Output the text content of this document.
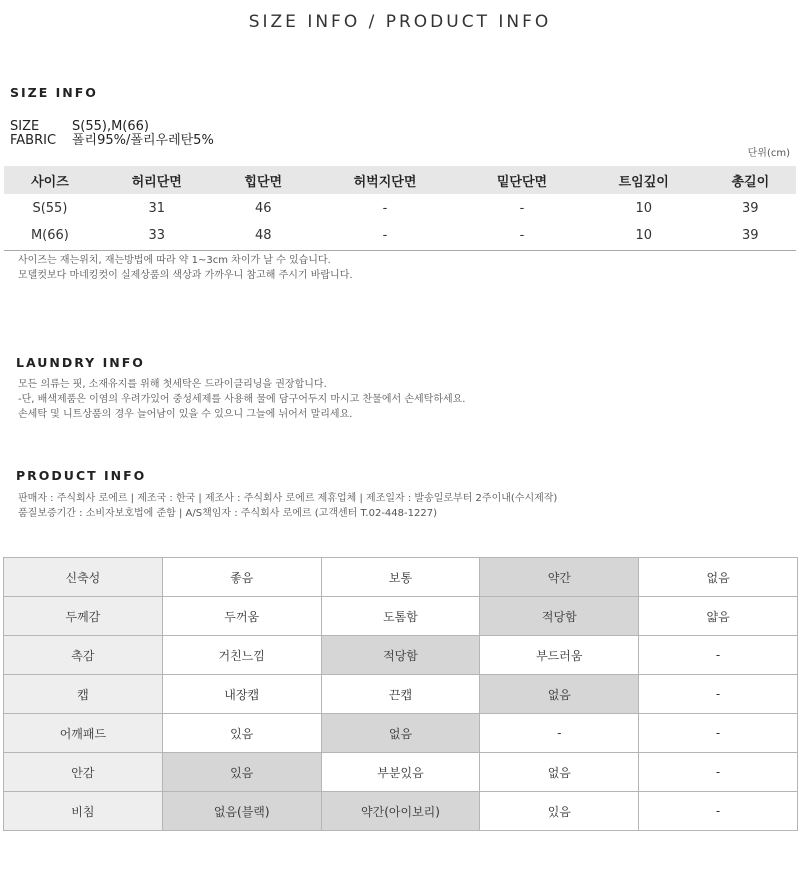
SIZE INFO / PRODUCT INFO
SIZE INFO
SIZE	S(55),M(66)
FABRIC 폴리95%/폴리우레탄5%
단위(cm)
사이즈	허리단면	힙단면	허벅지단면	밑단단면	트임깊이	총길이
S(55)	31	46	-	-	10	39
M(66)	33	48	-	-	10	39
사이즈는 재는위치, 재는방법에 따라 약 1~3cm 차이가 날 수 있습니다.
모델컷보다 마네킹컷이 실제상품의 색상과 가까우니 참고해 주시기 바랍니다.
LAUNDRY INFO
모든 의류는 핏, 소재유지를 위해 첫세탁은 드라이클리닝을 권장합니다.
-단, 배색제품은 이염의 우려가있어 중성세제를 사용해 물에 담구어두지 마시고 찬물에서 손세탁하세요.
손세탁 및 니트상품의 경우 늘어남이 있을 수 있으니 그늘에 뉘어서 말리세요.
PRODUCT INFO
판매자 : 주식회사 로에르 | 제조국 : 한국 | 제조사 : 주식회사 로에르 제휴업체 | 제조일자 : 발송일로부터 2주이내(수시제작)
품질보증기간 : 소비자보호법에 준함 | A/S책임자 : 주식회사 로에르 (고객센터 T.02-448-1227)
신축성	좋음	보통	약간	없음
두께감	두꺼움	도톰함	적당함	얇음
촉감	거친느낌	적당함	부드러움	-
캡	내장캡	끈캡	없음	-
어깨패드	있음	없음	-	-
안감	있음	부분있음	없음	-
비침	없음(블랙)	약간(아이보리)	있음	-
